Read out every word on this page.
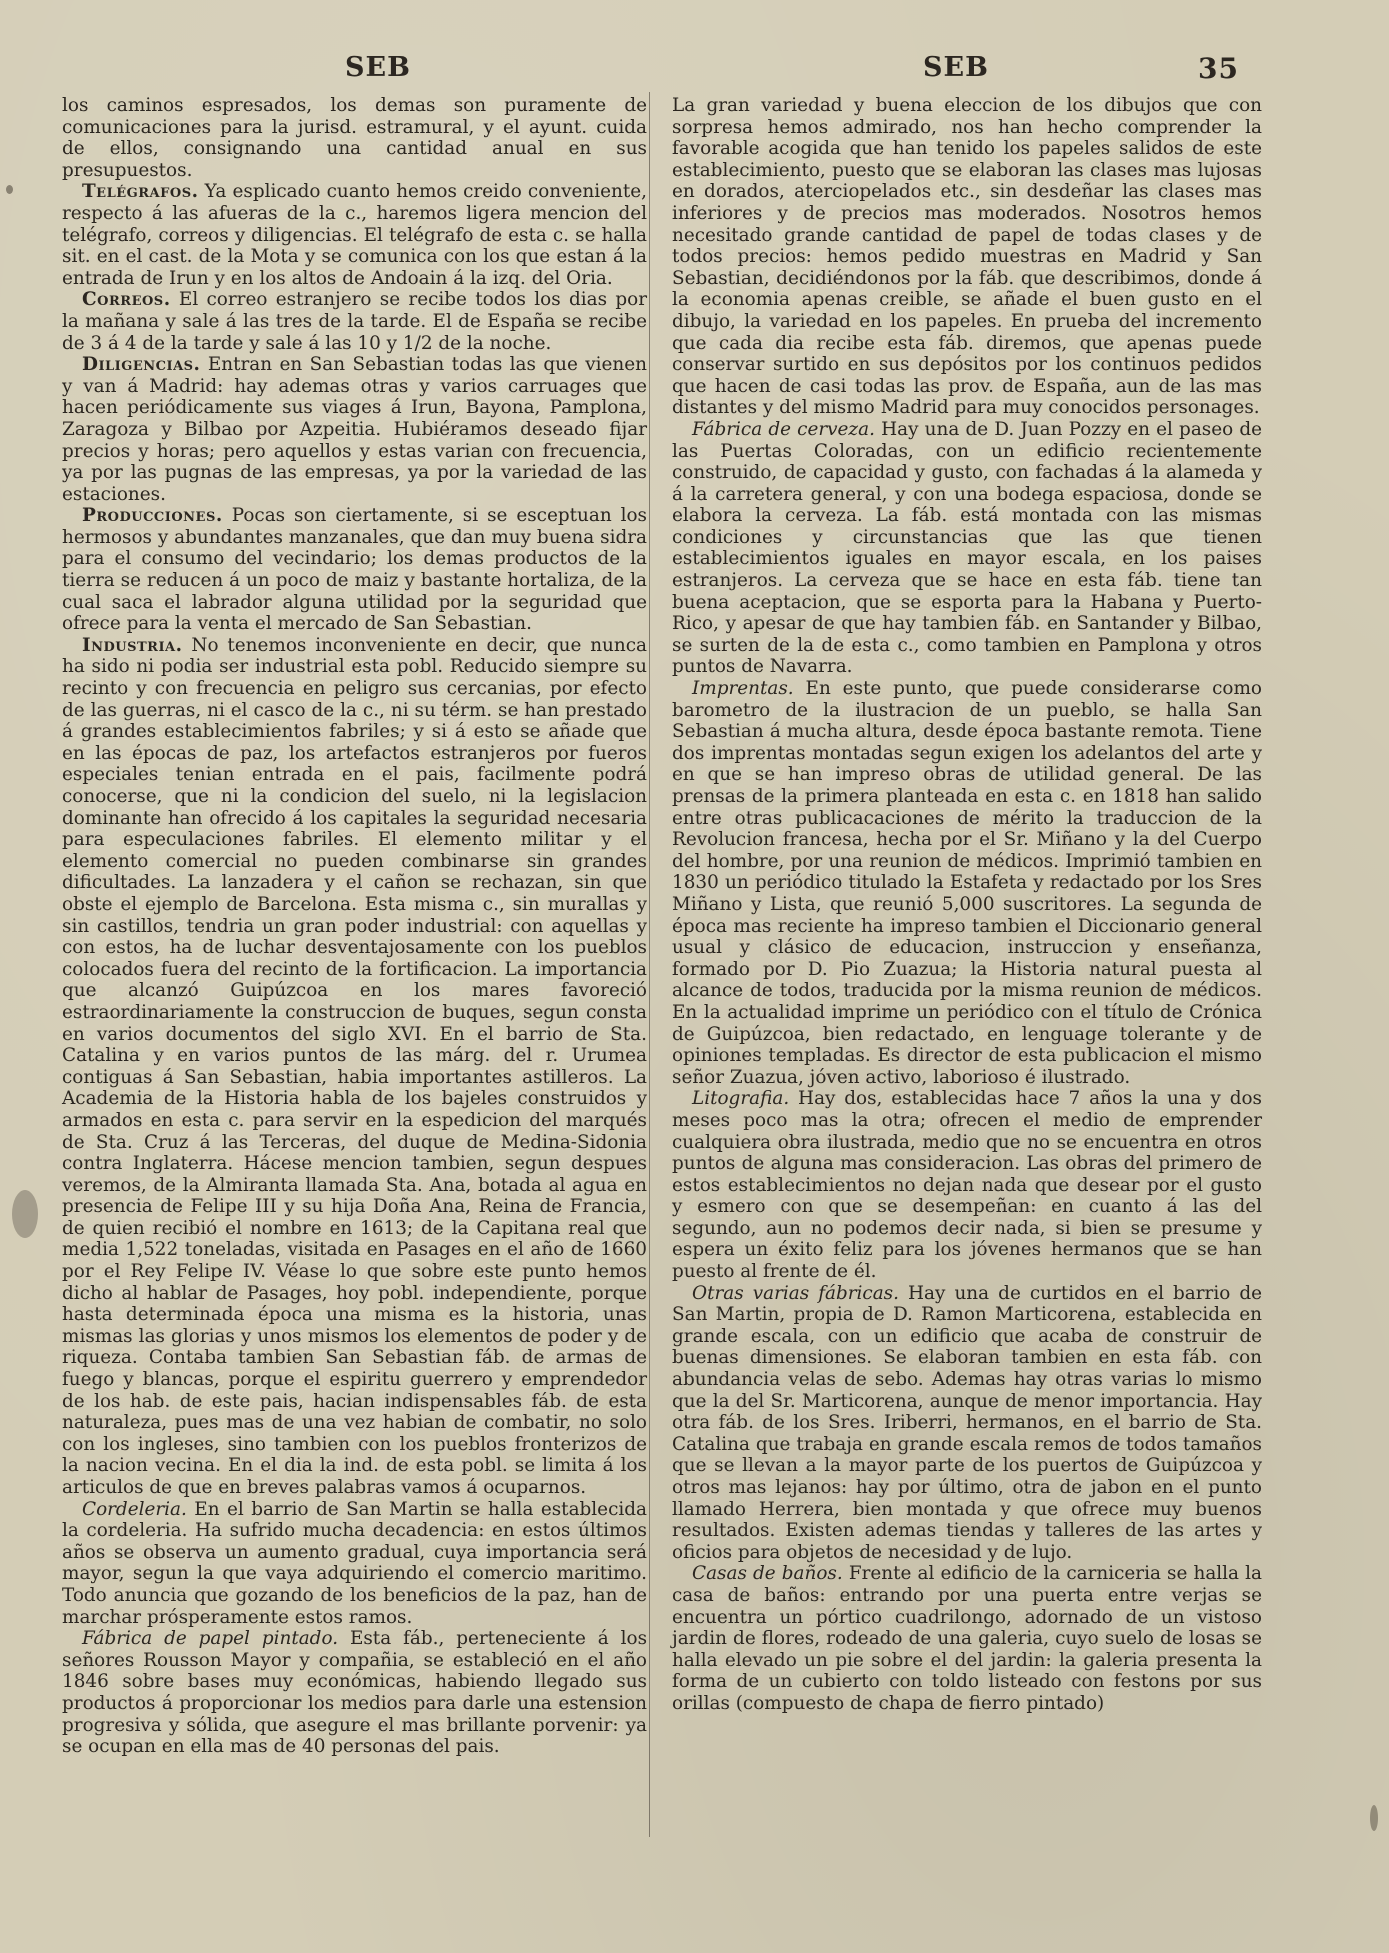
SEB	SEB	35

los caminos espresados, los demas son puramente de comunicaciones para la jurisd. estramural, y el ayunt. cuida de ellos, consignando una cantidad anual en sus presupuestos.

Telégrafos. Ya esplicado cuanto hemos creido conveniente, respecto á las afueras de la c., haremos ligera mencion del telégrafo, correos y diligencias. El telégrafo de esta c. se halla sit. en el cast. de la Mota y se comunica con los que estan á la entrada de Irun y en los altos de Andoain á la izq. del Oria.

Correos. El correo estranjero se recibe todos los dias por la mañana y sale á las tres de la tarde. El de España se recibe de 3 á 4 de la tarde y sale á las 10 y 1/2 de la noche.

Diligencias. Entran en San Sebastian todas las que vienen y van á Madrid: hay ademas otras y varios carruages que hacen periódicamente sus viages á Irun, Bayona, Pamplona, Zaragoza y Bilbao por Azpeitia. Hubiéramos deseado fijar precios y horas; pero aquellos y estas varian con frecuencia, ya por las pugnas de las empresas, ya por la variedad de las estaciones.

Producciones. Pocas son ciertamente, si se esceptuan los hermosos y abundantes manzanales, que dan muy buena sidra para el consumo del vecindario; los demas productos de la tierra se reducen á un poco de maiz y bastante hortaliza, de la cual saca el labrador alguna utilidad por la seguridad que ofrece para la venta el mercado de San Sebastian.

Industria. No tenemos inconveniente en decir, que nunca ha sido ni podia ser industrial esta pobl. Reducido siempre su recinto y con frecuencia en peligro sus cercanias, por efecto de las guerras, ni el casco de la c., ni su térm. se han prestado á grandes establecimientos fabriles; y si á esto se añade que en las épocas de paz, los artefactos estranjeros por fueros especiales tenian entrada en el pais, facilmente podrá conocerse, que ni la condicion del suelo, ni la legislacion dominante han ofrecido á los capitales la seguridad necesaria para especulaciones fabriles. El elemento militar y el elemento comercial no pueden combinarse sin grandes dificultades. La lanzadera y el cañon se rechazan, sin que obste el ejemplo de Barcelona. Esta misma c., sin murallas y sin castillos, tendria un gran poder industrial: con aquellas y con estos, ha de luchar desventajosamente con los pueblos colocados fuera del recinto de la fortificacion. La importancia que alcanzó Guipúzcoa en los mares favoreció estraordinariamente la construccion de buques, segun consta en varios documentos del siglo XVI. En el barrio de Sta. Catalina y en varios puntos de las márg. del r. Urumea contiguas á San Sebastian, habia importantes astilleros. La Academia de la Historia habla de los bajeles construidos y armados en esta c. para servir en la espedicion del marqués de Sta. Cruz á las Terceras, del duque de Medina-Sidonia contra Inglaterra. Hácese mencion tambien, segun despues veremos, de la Almiranta llamada Sta. Ana, botada al agua en presencia de Felipe III y su hija Doña Ana, Reina de Francia, de quien recibió el nombre en 1613; de la Capitana real que media 1,522 toneladas, visitada en Pasages en el año de 1660 por el Rey Felipe IV. Véase lo que sobre este punto hemos dicho al hablar de Pasages, hoy pobl. independiente, porque hasta determinada época una misma es la historia, unas mismas las glorias y unos mismos los elementos de poder y de riqueza. Contaba tambien San Sebastian fáb. de armas de fuego y blancas, porque el espiritu guerrero y emprendedor de los hab. de este pais, hacian indispensables fáb. de esta naturaleza, pues mas de una vez habian de combatir, no solo con los ingleses, sino tambien con los pueblos fronterizos de la nacion vecina. En el dia la ind. de esta pobl. se limita á los articulos de que en breves palabras vamos á ocuparnos.

Cordeleria. En el barrio de San Martin se halla establecida la cordeleria. Ha sufrido mucha decadencia: en estos últimos años se observa un aumento gradual, cuya importancia será mayor, segun la que vaya adquiriendo el comercio maritimo. Todo anuncia que gozando de los beneficios de la paz, han de marchar prósperamente estos ramos.

Fábrica de papel pintado. Esta fáb., perteneciente á los señores Rousson Mayor y compañia, se estableció en el año 1846 sobre bases muy económicas, habiendo llegado sus productos á proporcionar los medios para darle una estension progresiva y sólida, que asegure el mas brillante porvenir: ya se ocupan en ella mas de 40 personas del pais.

La gran variedad y buena eleccion de los dibujos que con sorpresa hemos admirado, nos han hecho comprender la favorable acogida que han tenido los papeles salidos de este establecimiento, puesto que se elaboran las clases mas lujosas en dorados, aterciopelados etc., sin desdeñar las clases mas inferiores y de precios mas moderados. Nosotros hemos necesitado grande cantidad de papel de todas clases y de todos precios: hemos pedido muestras en Madrid y San Sebastian, decidiéndonos por la fáb. que describimos, donde á la economia apenas creible, se añade el buen gusto en el dibujo, la variedad en los papeles. En prueba del incremento que cada dia recibe esta fáb. diremos, que apenas puede conservar surtido en sus depósitos por los continuos pedidos que hacen de casi todas las prov. de España, aun de las mas distantes y del mismo Madrid para muy conocidos personages.

Fábrica de cerveza. Hay una de D. Juan Pozzy en el paseo de las Puertas Coloradas, con un edificio recientemente construido, de capacidad y gusto, con fachadas á la alameda y á la carretera general, y con una bodega espaciosa, donde se elabora la cerveza. La fáb. está montada con las mismas condiciones y circunstancias que las que tienen establecimientos iguales en mayor escala, en los paises estranjeros. La cerveza que se hace en esta fáb. tiene tan buena aceptacion, que se esporta para la Habana y Puerto-Rico, y apesar de que hay tambien fáb. en Santander y Bilbao, se surten de la de esta c., como tambien en Pamplona y otros puntos de Navarra.

Imprentas. En este punto, que puede considerarse como barometro de la ilustracion de un pueblo, se halla San Sebastian á mucha altura, desde época bastante remota. Tiene dos imprentas montadas segun exigen los adelantos del arte y en que se han impreso obras de utilidad general. De las prensas de la primera planteada en esta c. en 1818 han salido entre otras publicacaciones de mérito la traduccion de la Revolucion francesa, hecha por el Sr. Miñano y la del Cuerpo del hombre, por una reunion de médicos. Imprimió tambien en 1830 un periódico titulado la Estafeta y redactado por los Sres Miñano y Lista, que reunió 5,000 suscritores. La segunda de época mas reciente ha impreso tambien el Diccionario general usual y clásico de educacion, instruccion y enseñanza, formado por D. Pio Zuazua; la Historia natural puesta al alcance de todos, traducida por la misma reunion de médicos. En la actualidad imprime un periódico con el título de Crónica de Guipúzcoa, bien redactado, en lenguage tolerante y de opiniones templadas. Es director de esta publicacion el mismo señor Zuazua, jóven activo, laborioso é ilustrado.

Litografia. Hay dos, establecidas hace 7 años la una y dos meses poco mas la otra; ofrecen el medio de emprender cualquiera obra ilustrada, medio que no se encuentra en otros puntos de alguna mas consideracion. Las obras del primero de estos establecimientos no dejan nada que desear por el gusto y esmero con que se desempeñan: en cuanto á las del segundo, aun no podemos decir nada, si bien se presume y espera un éxito feliz para los jóvenes hermanos que se han puesto al frente de él.

Otras varias fábricas. Hay una de curtidos en el barrio de San Martin, propia de D. Ramon Marticorena, establecida en grande escala, con un edificio que acaba de construir de buenas dimensiones. Se elaboran tambien en esta fáb. con abundancia velas de sebo. Ademas hay otras varias lo mismo que la del Sr. Marticorena, aunque de menor importancia. Hay otra fáb. de los Sres. Iriberri, hermanos, en el barrio de Sta. Catalina que trabaja en grande escala remos de todos tamaños que se llevan a la mayor parte de los puertos de Guipúzcoa y otros mas lejanos: hay por último, otra de jabon en el punto llamado Herrera, bien montada y que ofrece muy buenos resultados. Existen ademas tiendas y talleres de las artes y oficios para objetos de necesidad y de lujo.

Casas de baños. Frente al edificio de la carniceria se halla la casa de baños: entrando por una puerta entre verjas se encuentra un pórtico cuadrilongo, adornado de un vistoso jardin de flores, rodeado de una galeria, cuyo suelo de losas se halla elevado un pie sobre el del jardin: la galeria presenta la forma de un cubierto con toldo listeado con festons por sus orillas (compuesto de chapa de fierro pintado)
